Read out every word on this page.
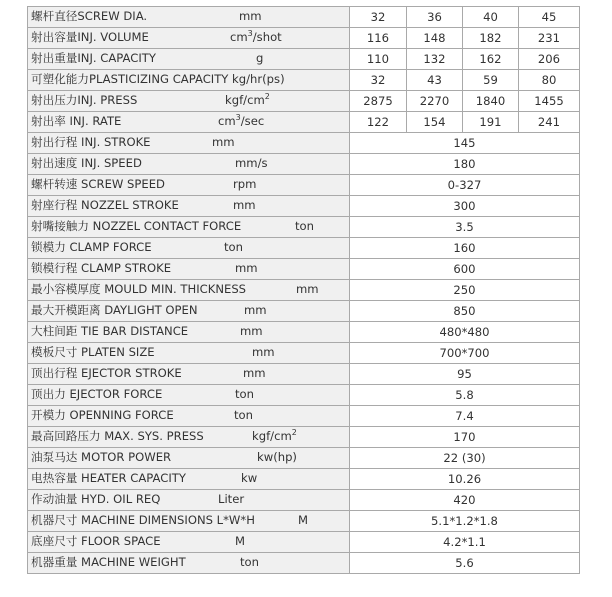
螺杆直径SCREW DIA. mm	32	36	40	45

射出容量INJ. VOLUME $cm^3$/shot	116	148	182	231

射出重量INJ. CAPACITY g	110	132	162	206

可塑化能力PLASTICIZING CAPACITY kg/hr(ps)	32	43	59	80

射出压力INJ. PRESS kgf/$cm^2$	2875	2270	1840	1455

射出率 INJ. RATE $cm^3/\sec$	122	154	191	241

射出行程 INJ. STROKE mm	145			

射出速度 INJ. SPEED mm/s	180			

螺杆转速 SCREW SPEED rpm	0-327			

射座行程 NOZZEL STROKE mm	300			

射嘴接触力 NOZZEL CONTACT FORCE ton	3.5			

锁模力 CLAMP FORCE ton	160			

锁模行程 CLAMP STROKE mm	600			

最小容模厚度 MOULD MIN. THICKNESS mm	250			

最大开模距离 DAYLIGHT OPEN mm	850			

大柱间距 TIE BAR DISTANCE mm	480*480			

模板尺寸 PLATEN SIZE mm	700*700			

顶出行程 EJECTOR STROKE mm	95			

顶出力 EJECTOR FORCE ton	5.8			

开模力 OPENNING FORCE ton	7.4			

最高回路压力 MAX. SYS. PRESS kgf/$cm^2$	170			

油泵马达 MOTOR POWER kw(hp)	22 (30)			

电热容量 HEATER CAPACITY kw	10.26			

作动油量 HYD. OIL REQ Liter	420			

机器尺寸 MACHINE DIMENSIONS L*W*H M	5.1*1.2*1.8			

底座尺寸 FLOOR SPACE M	4.2*1.1			

机器重量 MACHINE WEIGHT ton	5.6			
